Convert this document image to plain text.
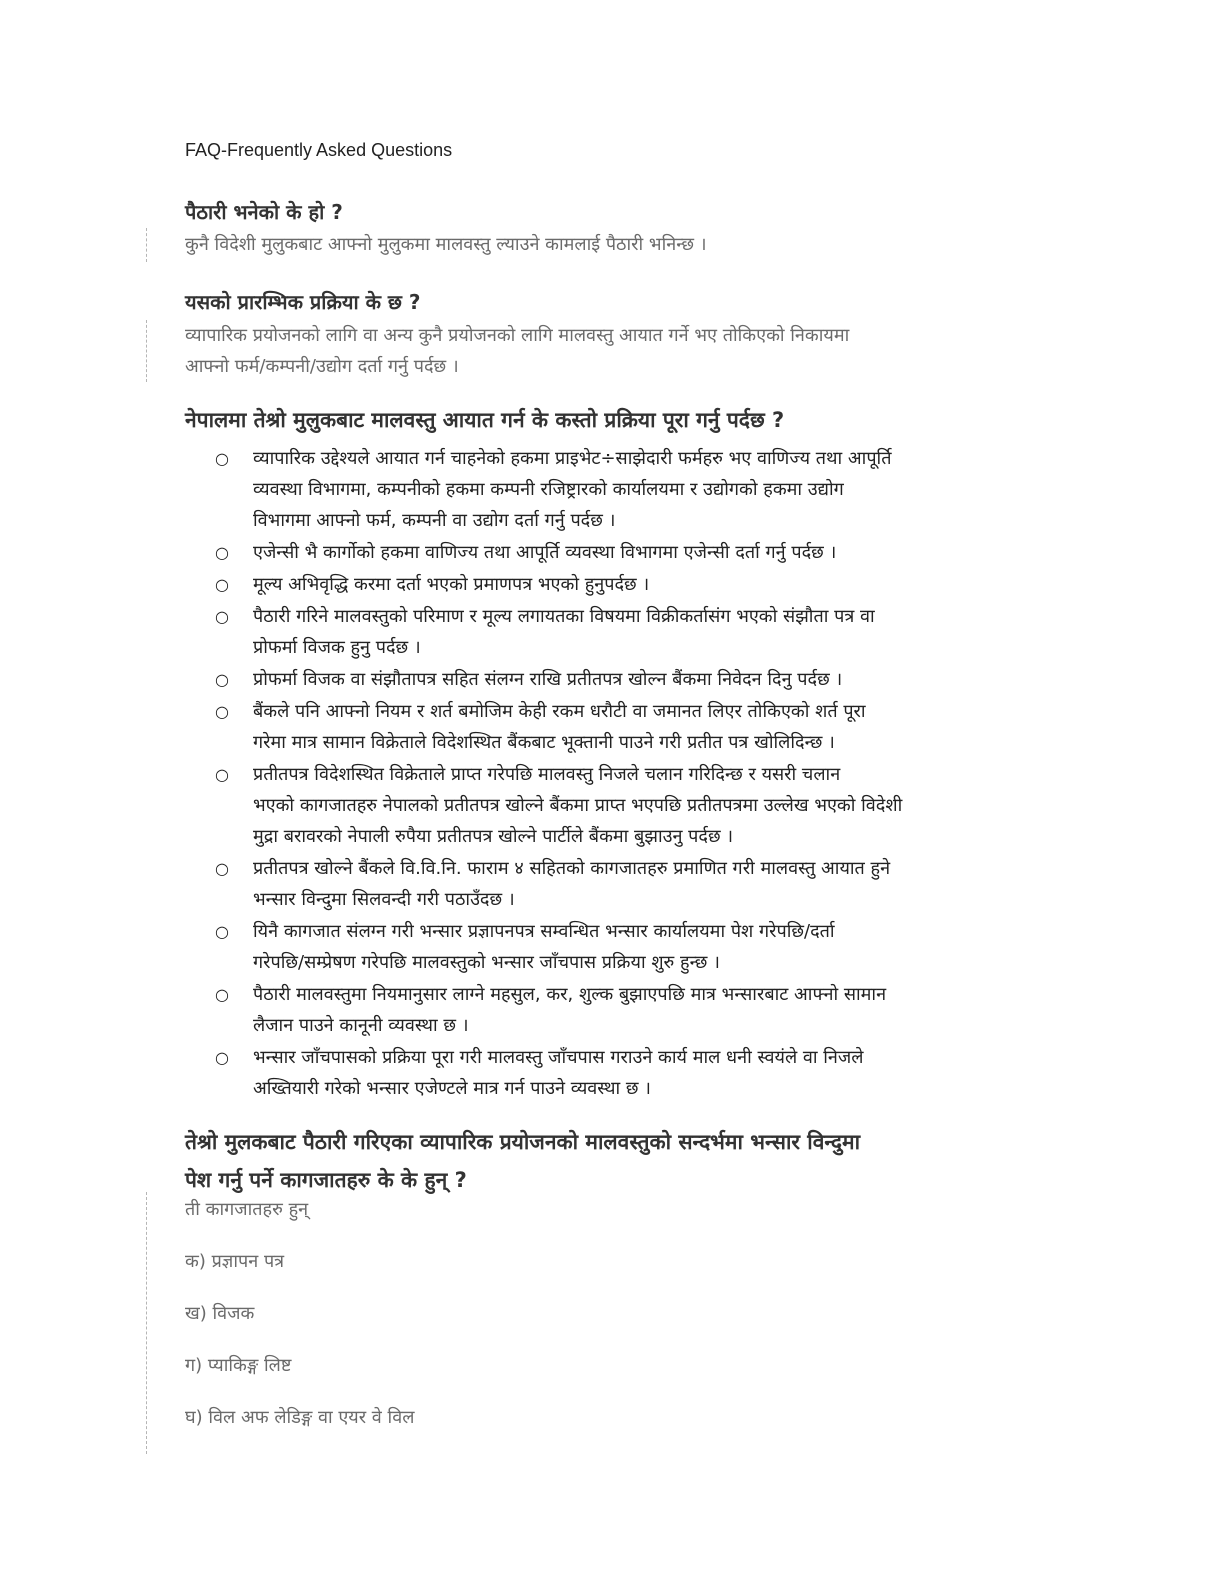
FAQ-Frequently Asked Questions
पैठारी भनेको के हो ?
कुनै विदेशी मुलुकबाट आफ्नो मुलुकमा मालवस्तु ल्याउने कामलाई पैठारी भनिन्छ ।
यसको प्रारम्भिक प्रक्रिया के छ ?
व्यापारिक प्रयोजनको लागि वा अन्य कुनै प्रयोजनको लागि मालवस्तु आयात गर्ने भए तोकिएको निकायमा
आफ्नो फर्म/कम्पनी/उद्योग दर्ता गर्नु पर्दछ ।
नेपालमा तेश्रो मुलुकबाट मालवस्तु आयात गर्न के कस्तो प्रक्रिया पूरा गर्नु पर्दछ ?
○ व्यापारिक उद्देश्यले आयात गर्न चाहनेको हकमा प्राइभेट÷साझेदारी फर्महरु भए वाणिज्य तथा आपूर्ति
व्यवस्था विभागमा, कम्पनीको हकमा कम्पनी रजिष्ट्रारको कार्यालयमा र उद्योगको हकमा उद्योग
विभागमा आफ्नो फर्म, कम्पनी वा उद्योग दर्ता गर्नु पर्दछ ।
○ एजेन्सी भै कार्गाेको हकमा वाणिज्य तथा आपूर्ति व्यवस्था विभागमा एजेन्सी दर्ता गर्नु पर्दछ ।
○ मूल्य अभिवृद्धि करमा दर्ता भएको प्रमाणपत्र भएको हुनुपर्दछ ।
○ पैठारी गरिने मालवस्तुको परिमाण र मूल्य लगायतका विषयमा विक्रीकर्तासंग भएको संझौता पत्र वा
प्रोफर्मा विजक हुनु पर्दछ ।
○ प्रोफर्मा विजक वा संझौतापत्र सहित संलग्न राखि प्रतीतपत्र खोल्न बैंकमा निवेदन दिनु पर्दछ ।
○ बैंकले पनि आफ्नो नियम र शर्त बमोजिम केही रकम धरौटी वा जमानत लिएर तोकिएको शर्त पूरा
गरेमा मात्र सामान विक्रेताले विदेशस्थित बैंकबाट भूक्तानी पाउने गरी प्रतीत पत्र खोलिदिन्छ ।
○ प्रतीतपत्र विदेशस्थित विक्रेताले प्राप्त गरेपछि मालवस्तु निजले चलान गरिदिन्छ र यसरी चलान
भएको कागजातहरु नेपालको प्रतीतपत्र खोल्ने बैंकमा प्राप्त भएपछि प्रतीतपत्रमा उल्लेख भएको विदेशी
मुद्रा बरावरको नेपाली रुपैया प्रतीतपत्र खोल्ने पार्टीले बैंकमा बुझाउनु पर्दछ ।
○ प्रतीतपत्र खोल्ने बैंकले वि.वि.नि. फाराम ४ सहितको कागजातहरु प्रमाणित गरी मालवस्तु आयात हुने
भन्सार विन्दुमा सिलवन्दी गरी पठाउँदछ ।
○ यिनै कागजात संलग्न गरी भन्सार प्रज्ञापनपत्र सम्वन्धित भन्सार कार्यालयमा पेश गरेपछि/दर्ता
गरेपछि/सम्प्रेषण गरेपछि मालवस्तुको भन्सार जाँचपास प्रक्रिया शुरु हुन्छ ।
○ पैठारी मालवस्तुमा नियमानुसार लाग्ने महसुल, कर, शुल्क बुझाएपछि मात्र भन्सारबाट आफ्नो सामान
लैजान पाउने कानूनी व्यवस्था छ ।
○ भन्सार जाँचपासको प्रक्रिया पूरा गरी मालवस्तु जाँचपास गराउने कार्य माल धनी स्वयंले वा निजले
अख्तियारी गरेको भन्सार एजेण्टले मात्र गर्न पाउने व्यवस्था छ ।
तेश्रो मुलकबाट पैठारी गरिएका व्यापारिक प्रयोजनको मालवस्तुको सन्दर्भमा भन्सार विन्दुमा
पेश गर्नु पर्ने कागजातहरु के के हुन् ?
ती कागजातहरु हुन्
क) प्रज्ञापन पत्र
ख) विजक
ग) प्याकिङ्ग लिष्ट
घ) विल अफ लेडिङ्ग वा एयर वे विल
